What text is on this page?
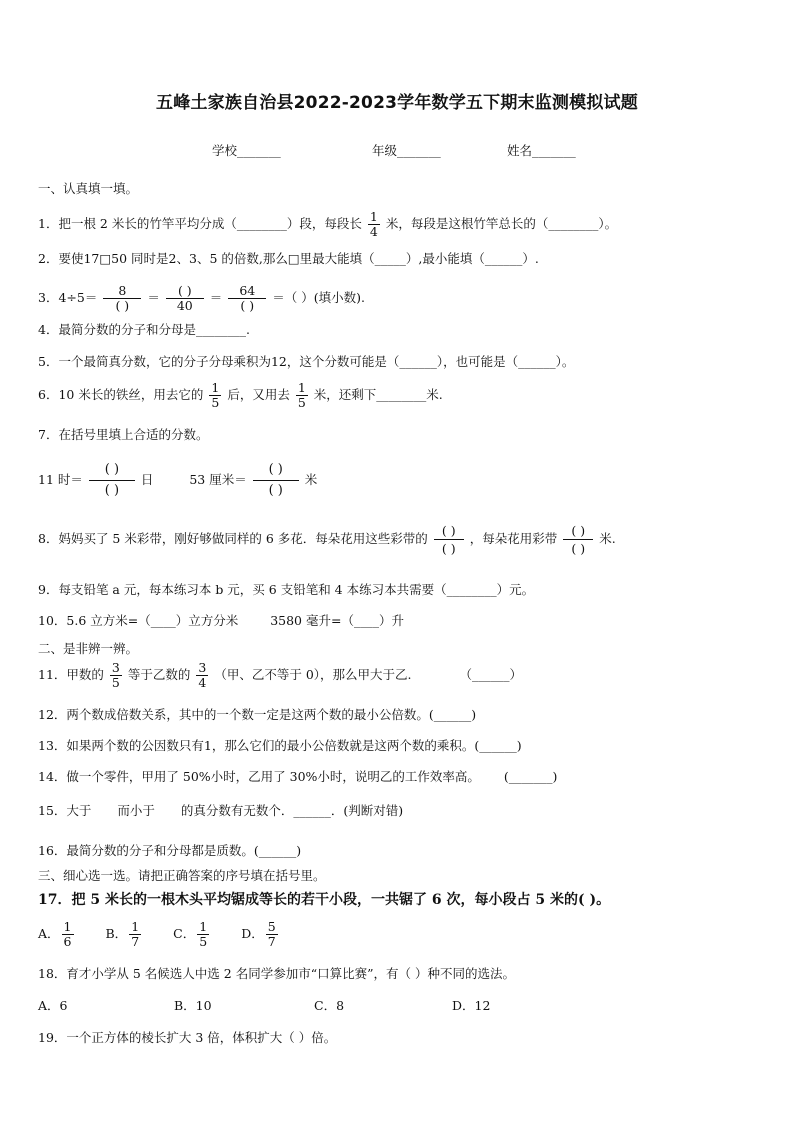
五峰土家族自治县2022-2023学年数学五下期末监测模拟试题
学校_______	年级_______	姓名_______
一、认真填一填。
1．把一根 2 米长的竹竿平均分成（________）段，每段长 $\frac{1}{4}$ 米，每段是这根竹竿总长的（________）。
2．要使17□50 同时是2、3、5 的倍数,那么□里最大能填（_____）,最小能填（______）.
3．$4\div 5= \frac{8}{( )} = \frac{( )}{40} = \frac{64}{( )}$ ＝（ ）(填小数).
4．最简分数的分子和分母是________.
5．一个最简真分数，它的分子分母乘积为12，这个分数可能是（______），也可能是（______）。
6．10 米长的铁丝，用去它的 $\frac{1}{5}$ 后，又用去 $\frac{1}{5}$ 米，还剩下________米.
7．在括号里填上合适的分数。
11 时＝ $\frac{( )}{( )}$ 日	53 厘米＝ $\frac{( )}{( )}$ 米
8．妈妈买了 5 米彩带，刚好够做同样的 6 多花．每朵花用这些彩带的 $\frac{( )}{( )}$ ，每朵花用彩带 $\frac{( )}{( )}$ 米.
9．每支铅笔 a 元，每本练习本 b 元，买 6 支铅笔和 4 本练习本共需要（________）元。
10．5.6 立方米=（____）立方分米	3580 毫升=（____）升
二、是非辨一辨。
11．甲数的 $\frac{3}{5}$ 等于乙数的 $\frac{3}{4}$ （甲、乙不等于 0），那么甲大于乙.	（______）
12．两个数成倍数关系，其中的一个数一定是这两个数的最小公倍数。(______)
13．如果两个数的公因数只有1，那么它们的最小公倍数就是这两个数的乘积。(______)
14．做一个零件，甲用了 50%小时，乙用了 30%小时，说明乙的工作效率高。 (_______)
15．大于 而小于 的真分数有无数个．______．(判断对错)
16．最简分数的分子和分母都是质数。(______)
三、细心选一选。请把正确答案的序号填在括号里。
17．把 5 米长的一根木头平均锯成等长的若干小段，一共锯了 6 次，每小段占 5 米的( )。
A． $\frac{1}{6}$	B． $\frac{1}{7}$	C． $\frac{1}{5}$	D． $\frac{5}{7}$
18．育才小学从 5 名候选人中选 2 名同学参加市“口算比赛”，有（ ）种不同的选法。
A．6	B．10	C．8	D．12
19．一个正方体的棱长扩大 3 倍，体积扩大（ ）倍。
